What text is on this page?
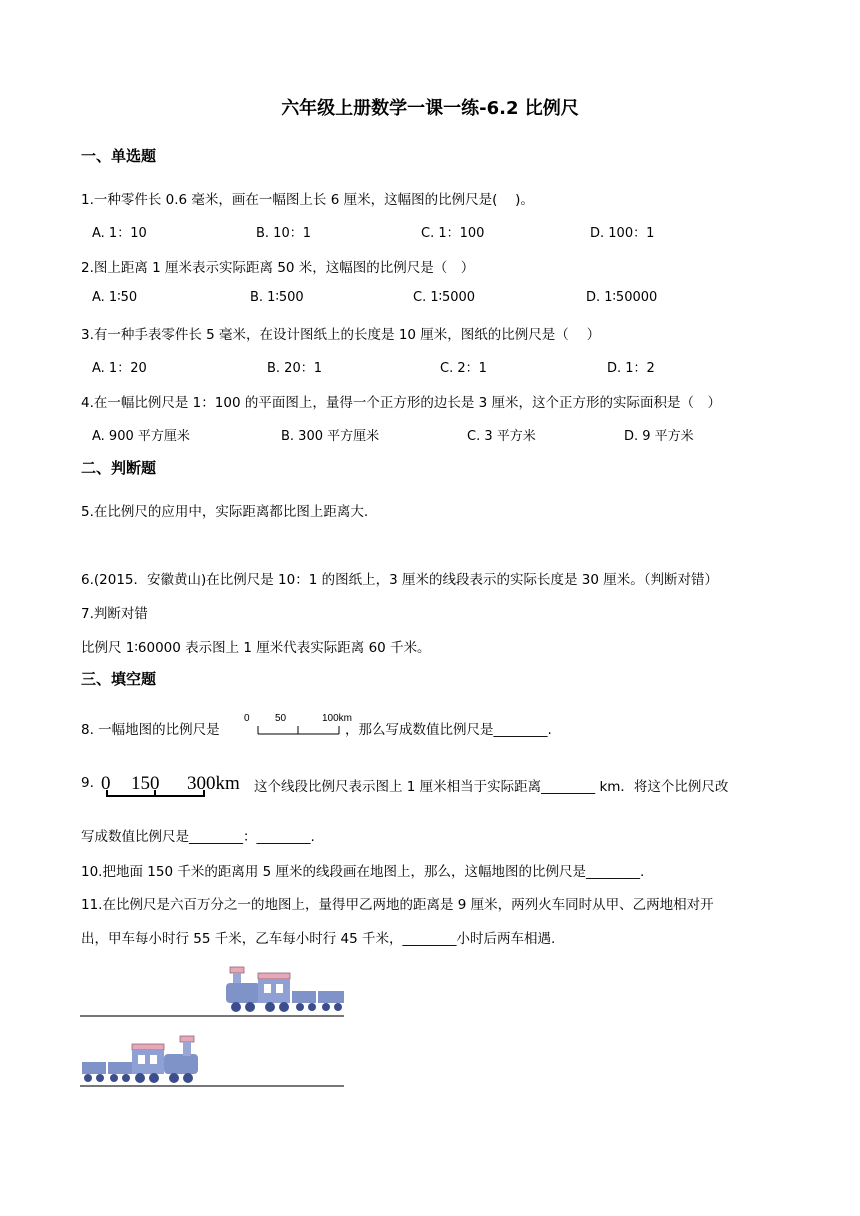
六年级上册数学一课一练-6.2 比例尺
一、单选题
1.一种零件长 0.6 毫米，画在一幅图上长 6 厘米，这幅图的比例尺是(　 )。
A. 1：10	B. 10：1	C. 1：100	D. 100：1
2.图上距离 1 厘米表示实际距离 50 米，这幅图的比例尺是（　）
A. 1∶50	B. 1∶500	C. 1∶5000	D. 1∶50000
3.有一种手表零件长 5 毫米，在设计图纸上的长度是 10 厘米，图纸的比例尺是（　 ）
A. 1：20	B. 20：1	C. 2：1	D. 1：2
4.在一幅比例尺是 1：100 的平面图上，量得一个正方形的边长是 3 厘米，这个正方形的实际面积是（　）
A. 900 平方厘米	B. 300 平方厘米	C. 3 平方米	D. 9 平方米
二、判断题
5.在比例尺的应用中，实际距离都比图上距离大.
6.(2015．安徽黄山)在比例尺是 10：1 的图纸上，3 厘米的线段表示的实际长度是 30 厘米。（判断对错）
7.判断对错
比例尺 1∶60000 表示图上 1 厘米代表实际距离 60 千米。
三、填空题
8. 一幅地图的比例尺是
0	50	100km
，那么写成数值比例尺是________.
9. 0 150 300km 这个线段比例尺表示图上 1 厘米相当于实际距离________ km．将这个比例尺改
写成数值比例尺是________：________.
10.把地面 150 千米的距离用 5 厘米的线段画在地图上，那么，这幅地图的比例尺是________.
11.在比例尺是六百万分之一的地图上，量得甲乙两地的距离是 9 厘米，两列火车同时从甲、乙两地相对开
出，甲车每小时行 55 千米，乙车每小时行 45 千米，________小时后两车相遇.
